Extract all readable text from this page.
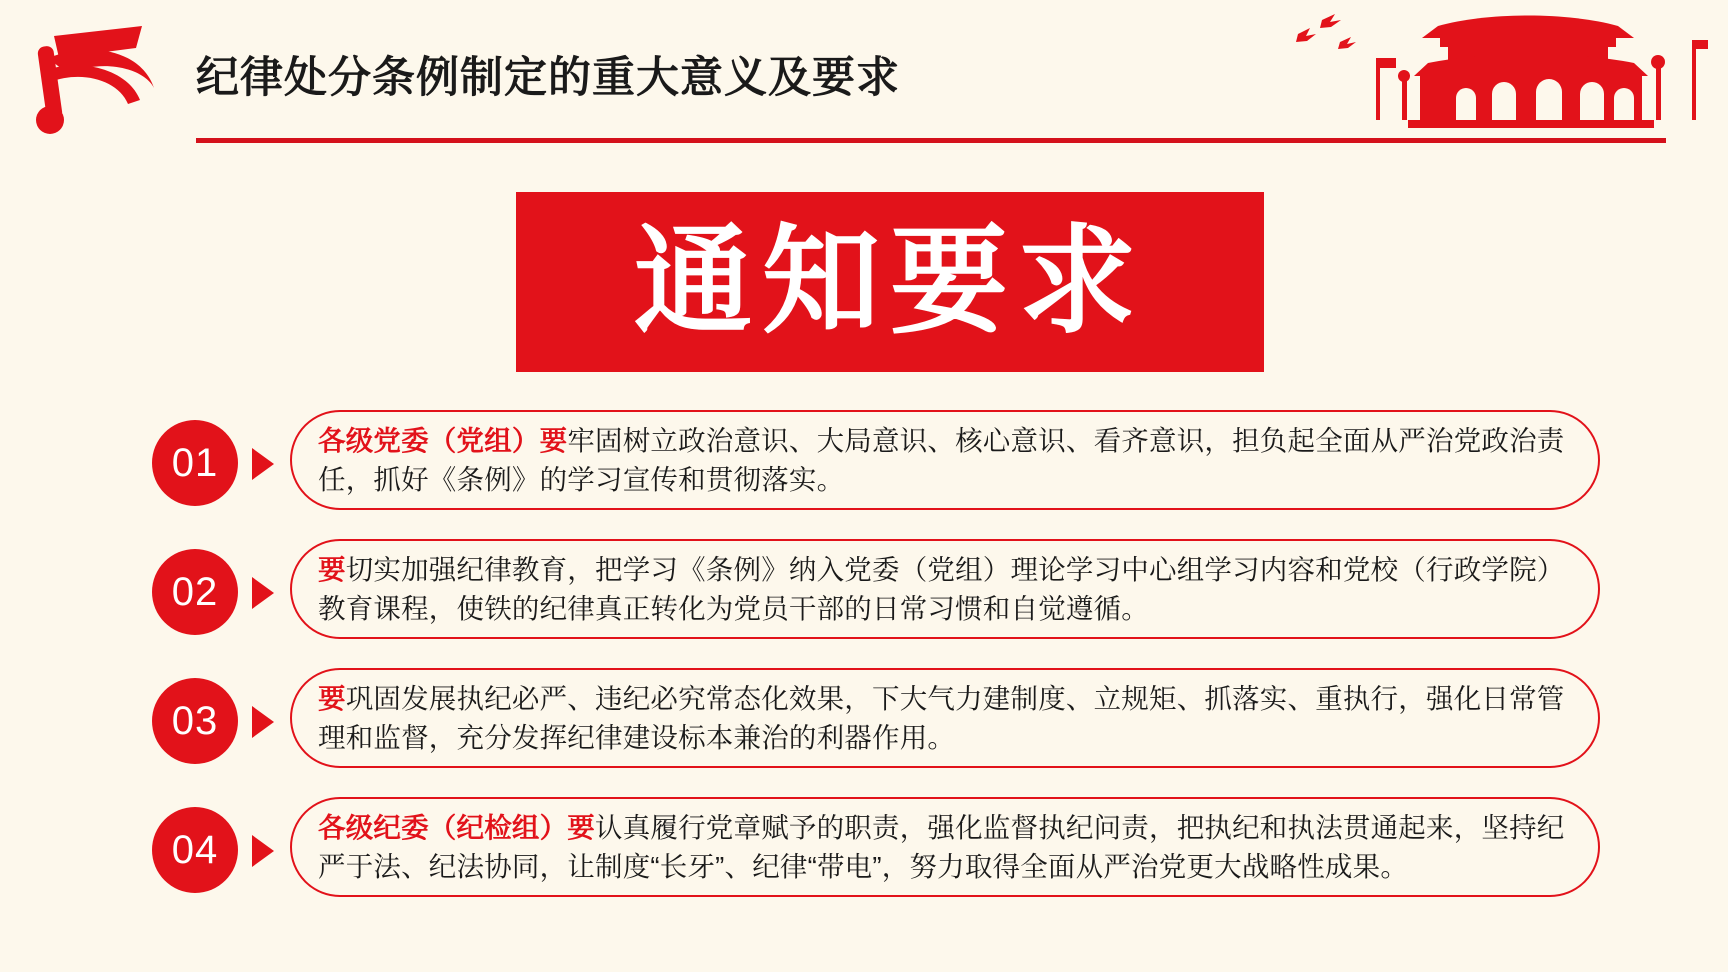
纪律处分条例制定的重大意义及要求
通知要求
01

各级党委（党组）要牢固树立政治意识、大局意识、核心意识、看齐意识，担负起全面从严治党政治责任，抓好《条例》的学习宣传和贯彻落实。

02

要切实加强纪律教育，把学习《条例》纳入党委（党组）理论学习中心组学习内容和党校（行政学院）教育课程，使铁的纪律真正转化为党员干部的日常习惯和自觉遵循。

03

要巩固发展执纪必严、违纪必究常态化效果，下大气力建制度、立规矩、抓落实、重执行，强化日常管理和监督，充分发挥纪律建设标本兼治的利器作用。

04

各级纪委（纪检组）要认真履行党章赋予的职责，强化监督执纪问责，把执纪和执法贯通起来，坚持纪严于法、纪法协同，让制度“长牙”、纪律“带电”，努力取得全面从严治党更大战略性成果。
